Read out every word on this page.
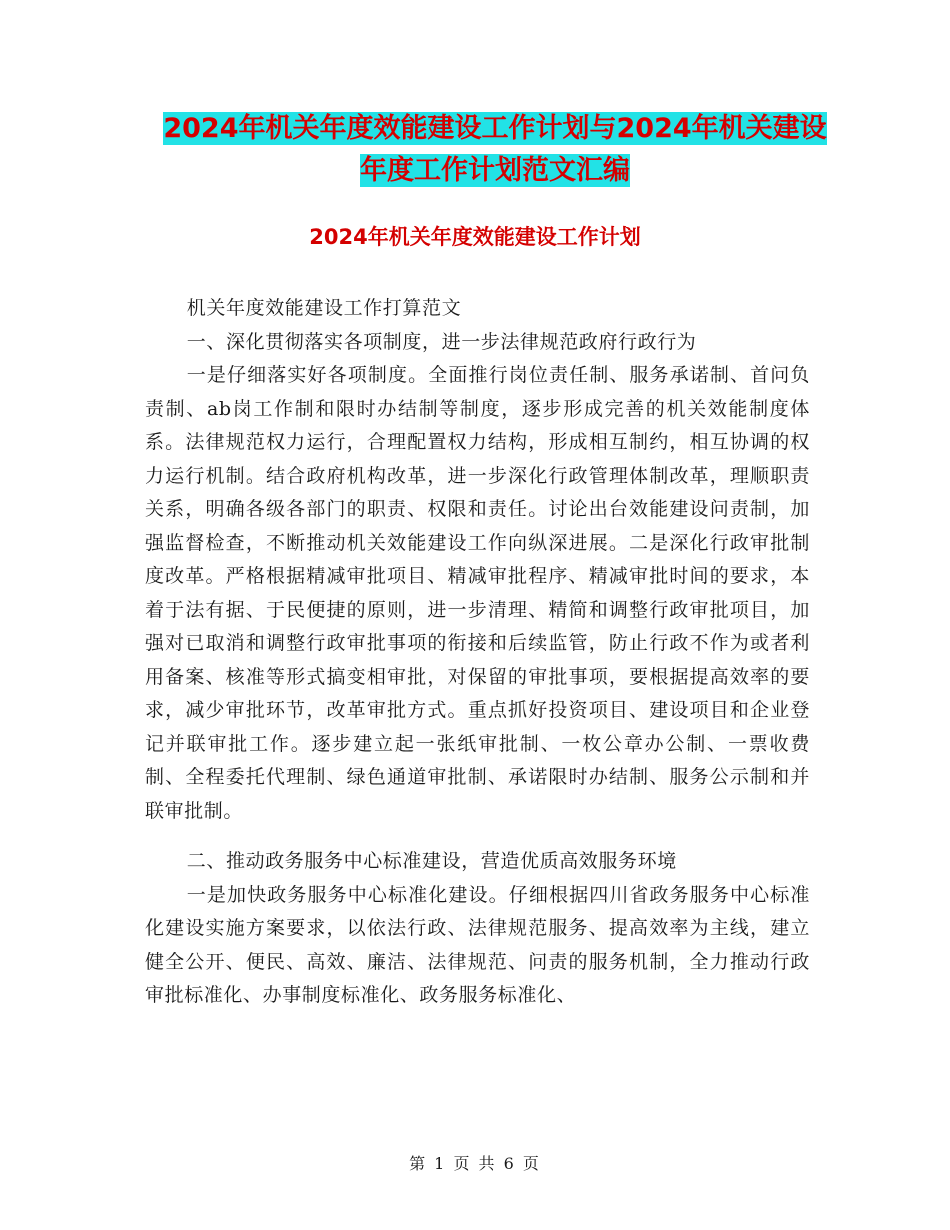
2024年机关年度效能建设工作计划与2024年机关建设
年度工作计划范文汇编
2024年机关年度效能建设工作计划

机关年度效能建设工作打算范文

一、深化贯彻落实各项制度，进一步法律规范政府行政行为

一是仔细落实好各项制度。全面推行岗位责任制、服务承诺制、首问负责制、ab岗工作制和限时办结制等制度，逐步形成完善的机关效能制度体系。法律规范权力运行，合理配置权力结构，形成相互制约，相互协调的权力运行机制。结合政府机构改革，进一步深化行政管理体制改革，理顺职责关系，明确各级各部门的职责、权限和责任。讨论出台效能建设问责制，加强监督检查，不断推动机关效能建设工作向纵深进展。二是深化行政审批制度改革。严格根据精减审批项目、精减审批程序、精减审批时间的要求，本着于法有据、于民便捷的原则，进一步清理、精简和调整行政审批项目，加强对已取消和调整行政审批事项的衔接和后续监管，防止行政不作为或者利用备案、核准等形式搞变相审批，对保留的审批事项，要根据提高效率的要求，减少审批环节，改革审批方式。重点抓好投资项目、建设项目和企业登记并联审批工作。逐步建立起一张纸审批制、一枚公章办公制、一票收费制、全程委托代理制、绿色通道审批制、承诺限时办结制、服务公示制和并联审批制。

二、推动政务服务中心标准建设，营造优质高效服务环境

一是加快政务服务中心标准化建设。仔细根据四川省政务服务中心标准化建设实施方案要求，以依法行政、法律规范服务、提高效率为主线，建立健全公开、便民、高效、廉洁、法律规范、问责的服务机制，全力推动行政审批标准化、办事制度标准化、政务服务标准化、

第 1 页 共 6 页
